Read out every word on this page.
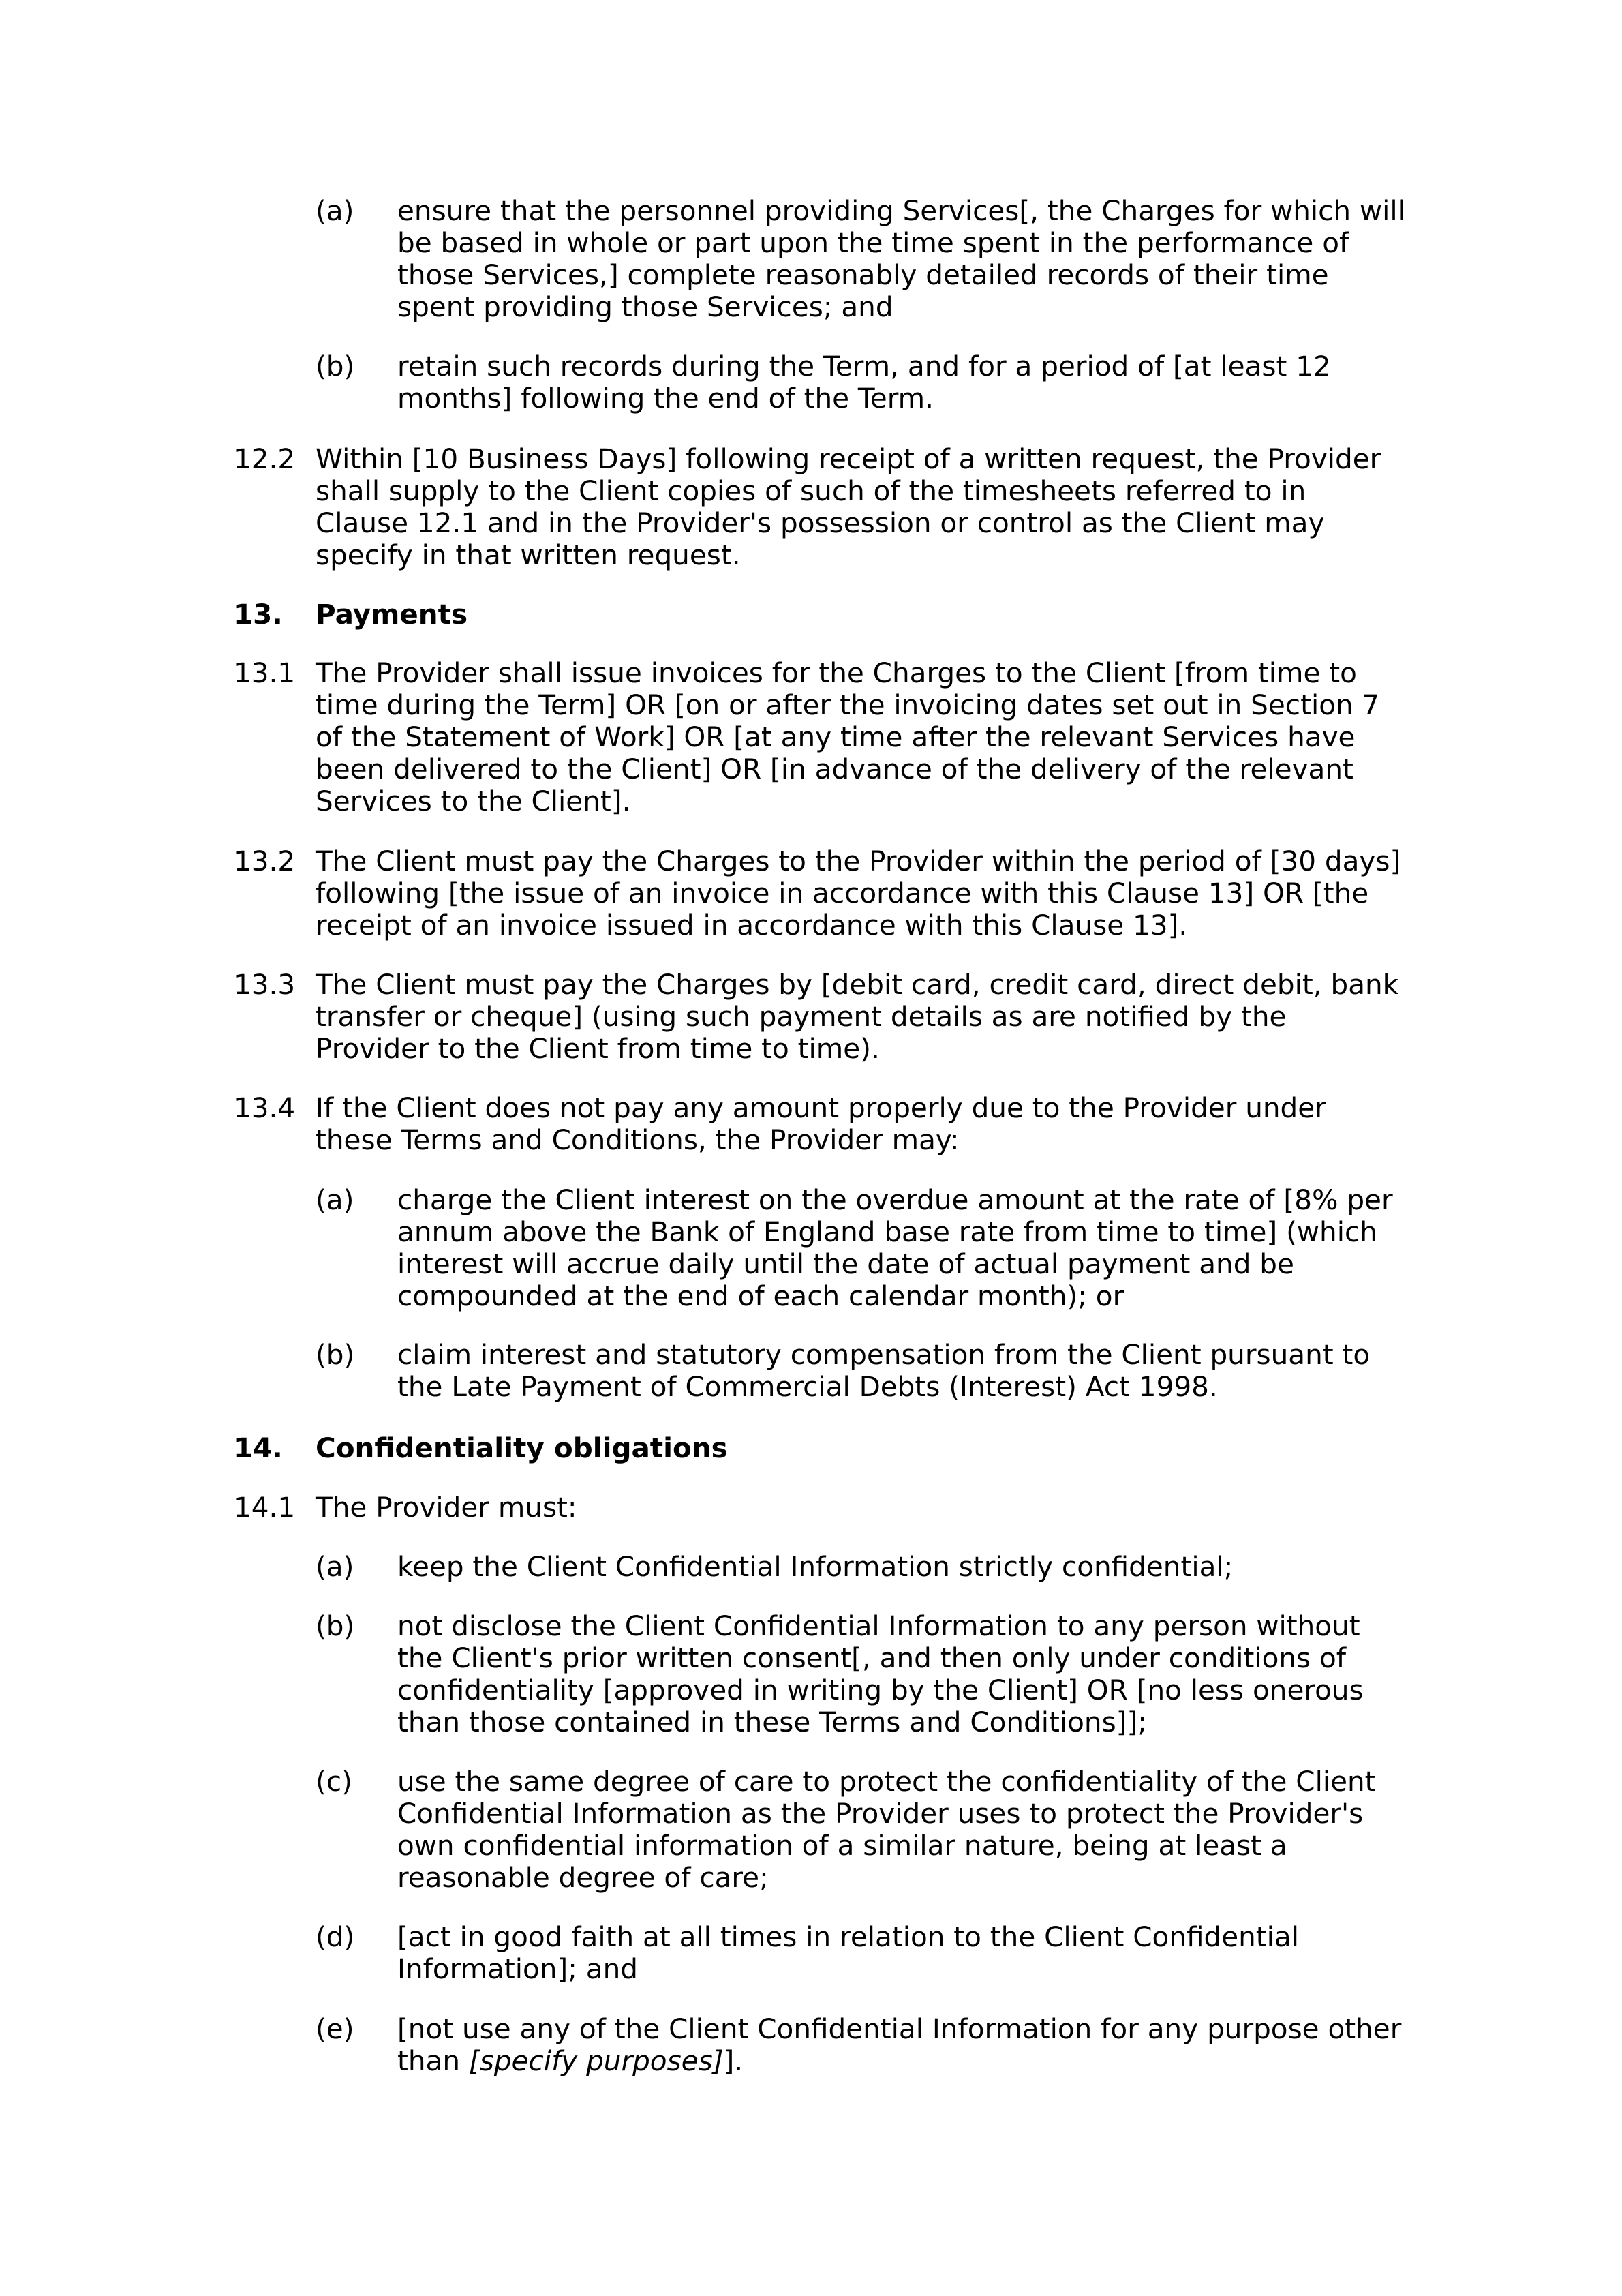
(a) ensure that the personnel providing Services[, the Charges for which will
be based in whole or part upon the time spent in the performance of
those Services,] complete reasonably detailed records of their time
spent providing those Services; and
(b) retain such records during the Term, and for a period of [at least 12
months] following the end of the Term.
12.2 Within [10 Business Days] following receipt of a written request, the Provider
shall supply to the Client copies of such of the timesheets referred to in
Clause 12.1 and in the Provider's possession or control as the Client may
specify in that written request.
13. Payments
13.1 The Provider shall issue invoices for the Charges to the Client [from time to
time during the Term] OR [on or after the invoicing dates set out in Section 7
of the Statement of Work] OR [at any time after the relevant Services have
been delivered to the Client] OR [in advance of the delivery of the relevant
Services to the Client].
13.2 The Client must pay the Charges to the Provider within the period of [30 days]
following [the issue of an invoice in accordance with this Clause 13] OR [the
receipt of an invoice issued in accordance with this Clause 13].
13.3 The Client must pay the Charges by [debit card, credit card, direct debit, bank
transfer or cheque] (using such payment details as are notified by the
Provider to the Client from time to time).
13.4 If the Client does not pay any amount properly due to the Provider under
these Terms and Conditions, the Provider may:
(a) charge the Client interest on the overdue amount at the rate of [8% per
annum above the Bank of England base rate from time to time] (which
interest will accrue daily until the date of actual payment and be
compounded at the end of each calendar month); or
(b) claim interest and statutory compensation from the Client pursuant to
the Late Payment of Commercial Debts (Interest) Act 1998.
14. Confidentiality obligations
14.1 The Provider must:
(a) keep the Client Confidential Information strictly confidential;
(b) not disclose the Client Confidential Information to any person without
the Client's prior written consent[, and then only under conditions of
confidentiality [approved in writing by the Client] OR [no less onerous
than those contained in these Terms and Conditions]];
(c) use the same degree of care to protect the confidentiality of the Client
Confidential Information as the Provider uses to protect the Provider's
own confidential information of a similar nature, being at least a
reasonable degree of care;
(d) [act in good faith at all times in relation to the Client Confidential
Information]; and
(e) [not use any of the Client Confidential Information for any purpose other
than [specify purposes]].
